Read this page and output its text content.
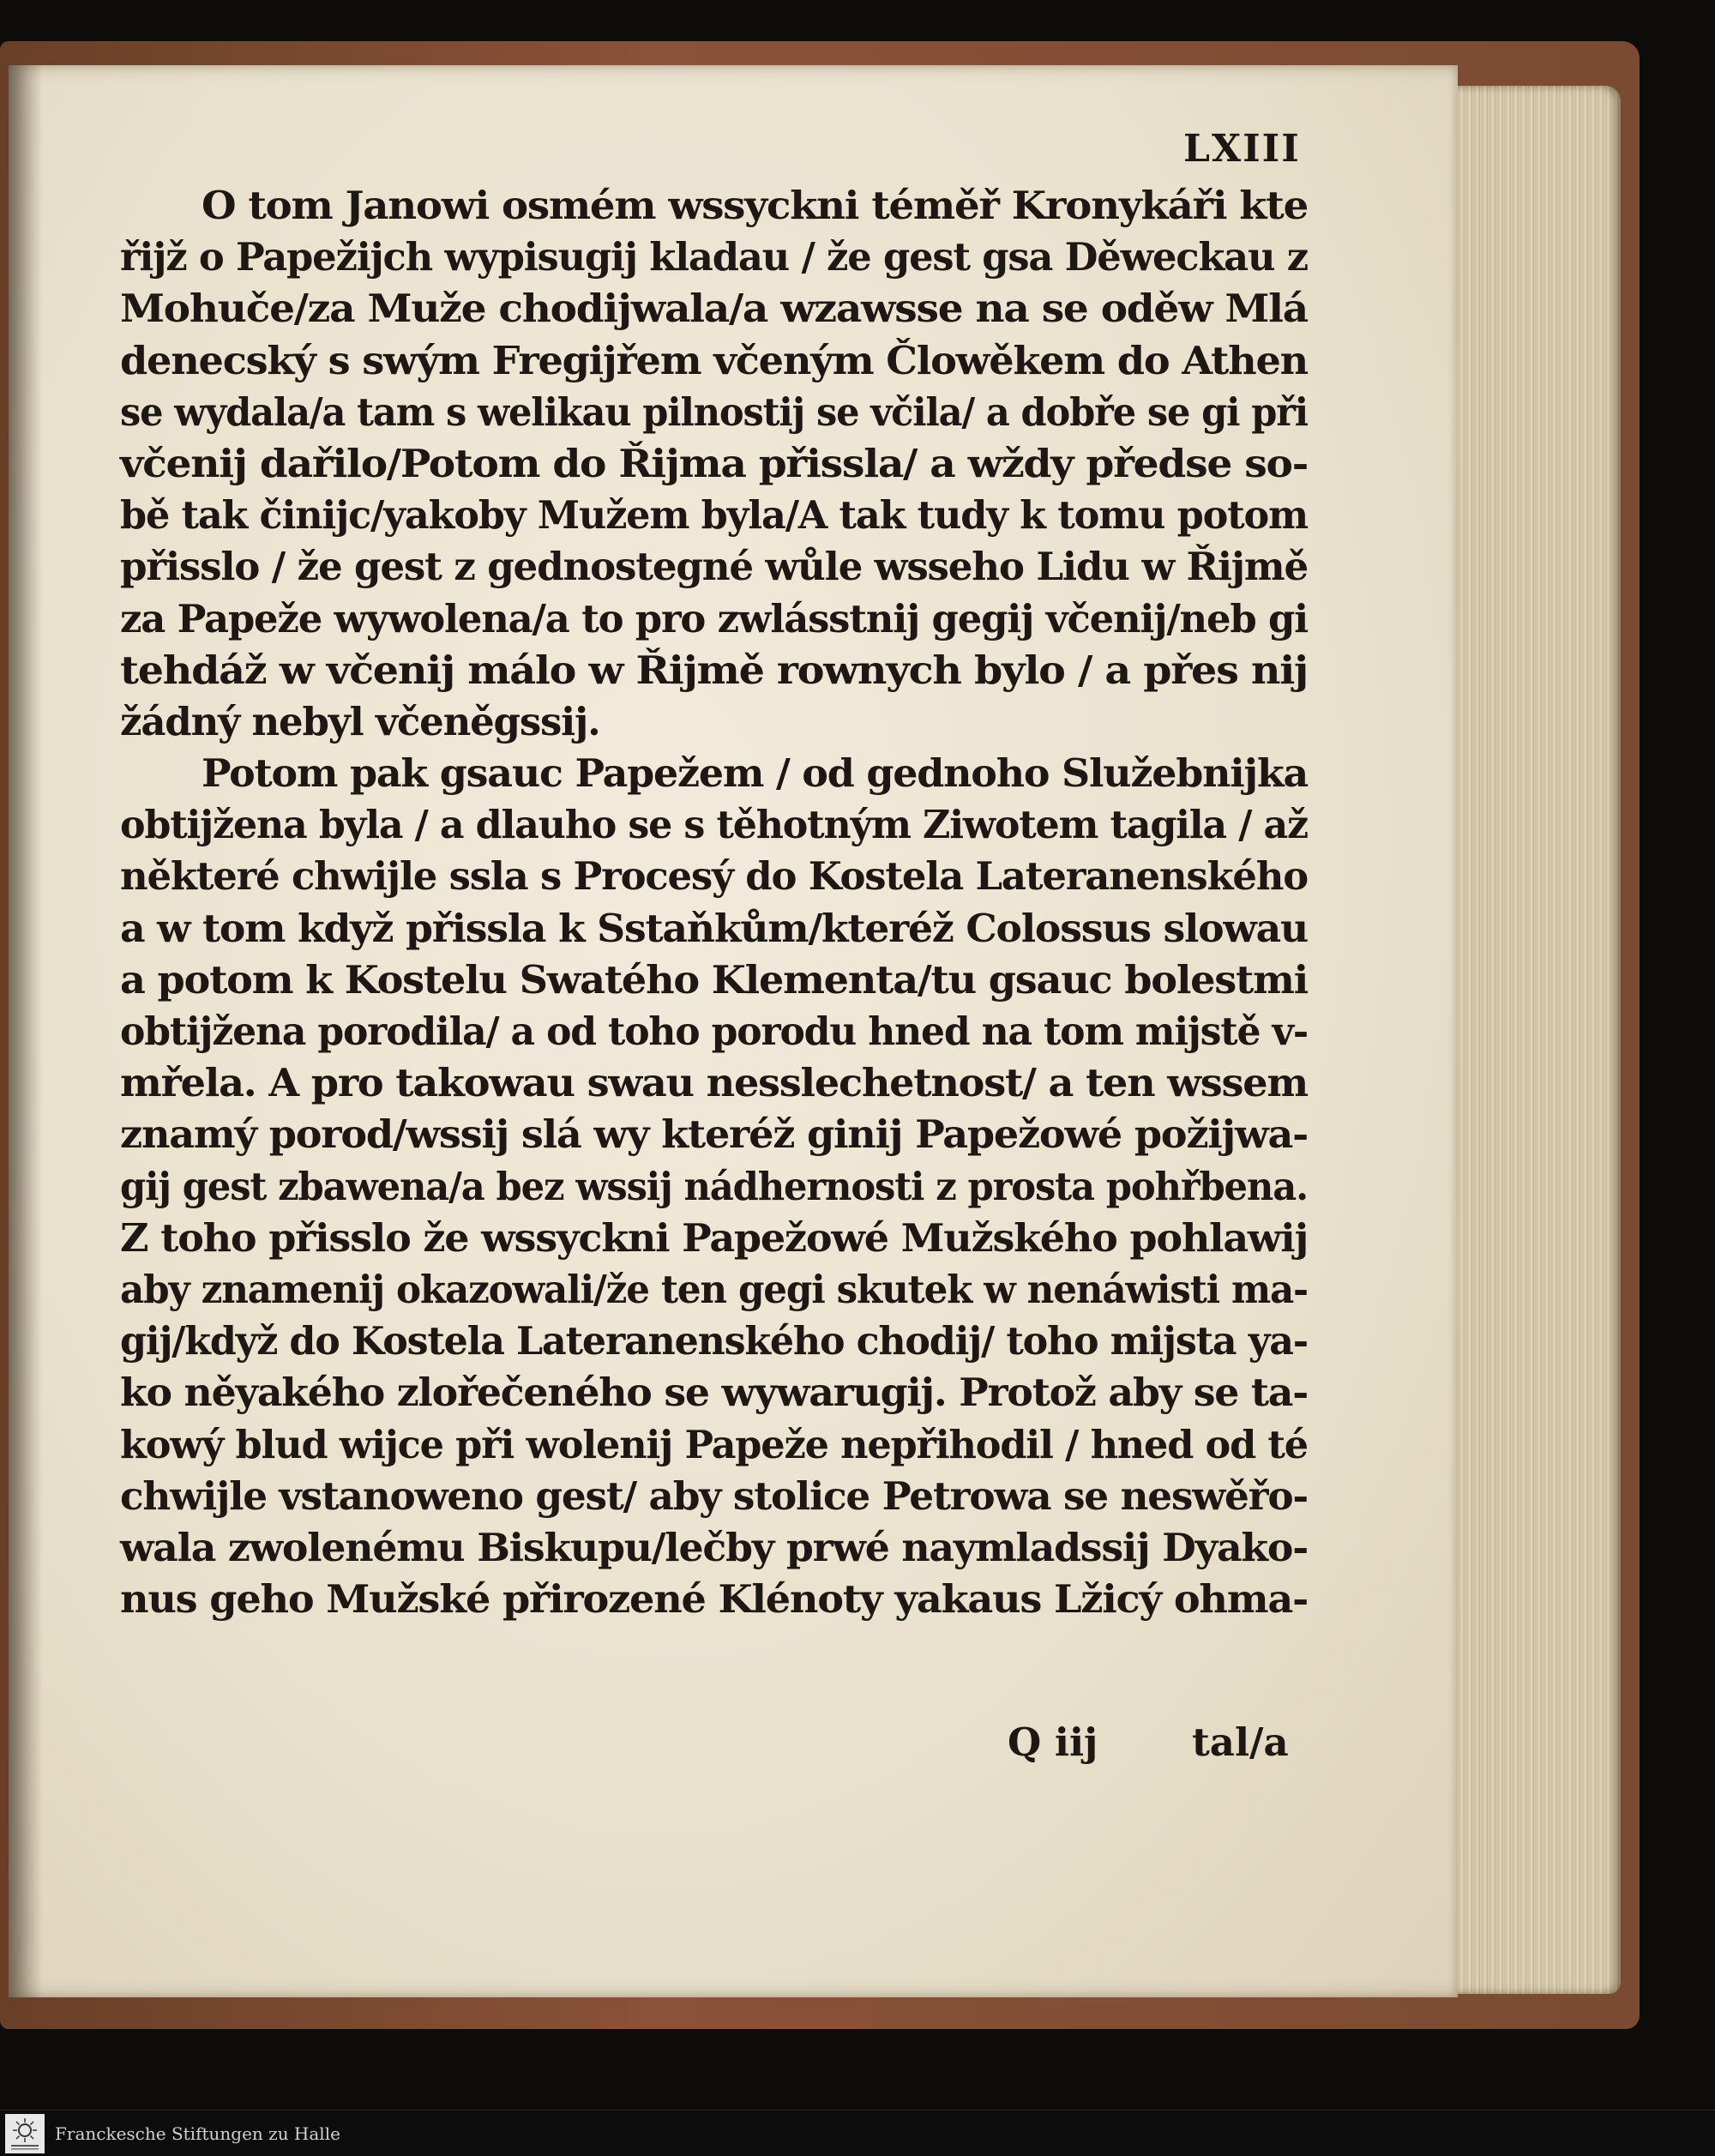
LXIII
O tom Janowi osmém wssyckni téměř Kronykáři kte
řijž o Papežijch wypisugij kladau / že gest gsa Děweckau z
Mohuče/za Muže chodijwala/a wzawsse na se oděw Mlá
denecský s swým Fregijřem včeným Člowěkem do Athen
se wydala/a tam s welikau pilnostij se včila/ a dobře se gi při
včenij dařilo/Potom do Řijma přissla/ a wždy předse so-
bě tak činijc/yakoby Mužem byla/A tak tudy k tomu potom
přisslo / že gest z gednostegné wůle wsseho Lidu w Řijmě
za Papeže wywolena/a to pro zwlásstnij gegij včenij/neb gi
tehdáž w včenij málo w Řijmě rownych bylo / a přes nij
žádný nebyl včeněgssij.
Potom pak gsauc Papežem / od gednoho Služebnijka
obtijžena byla / a dlauho se s těhotným Ziwotem tagila / až
některé chwijle ssla s Procesý do Kostela Lateranenského
a w tom když přissla k Sstaňkům/kteréž Colossus slowau
a potom k Kostelu Swatého Klementa/tu gsauc bolestmi
obtijžena porodila/ a od toho porodu hned na tom mijstě v-
mřela. A pro takowau swau nesslechetnost/ a ten wssem
znamý porod/wssij slá wy kteréž ginij Papežowé požijwa-
gij gest zbawena/a bez wssij nádhernosti z prosta pohřbena.
Z toho přisslo že wssyckni Papežowé Mužského pohlawij
aby znamenij okazowali/že ten gegi skutek w nenáwisti ma-
gij/když do Kostela Lateranenského chodij/ toho mijsta ya-
ko něyakého zlořečeného se wywarugij. Protož aby se ta-
kowý blud wijce při wolenij Papeže nepřihodil / hned od té
chwijle vstanoweno gest/ aby stolice Petrowa se neswěřo-
wala zwolenému Biskupu/lečby prwé naymladssij Dyako-
nus geho Mužské přirozené Klénoty yakaus Lžicý ohma-
Q iij tal/a
Franckesche Stiftungen zu Halle
